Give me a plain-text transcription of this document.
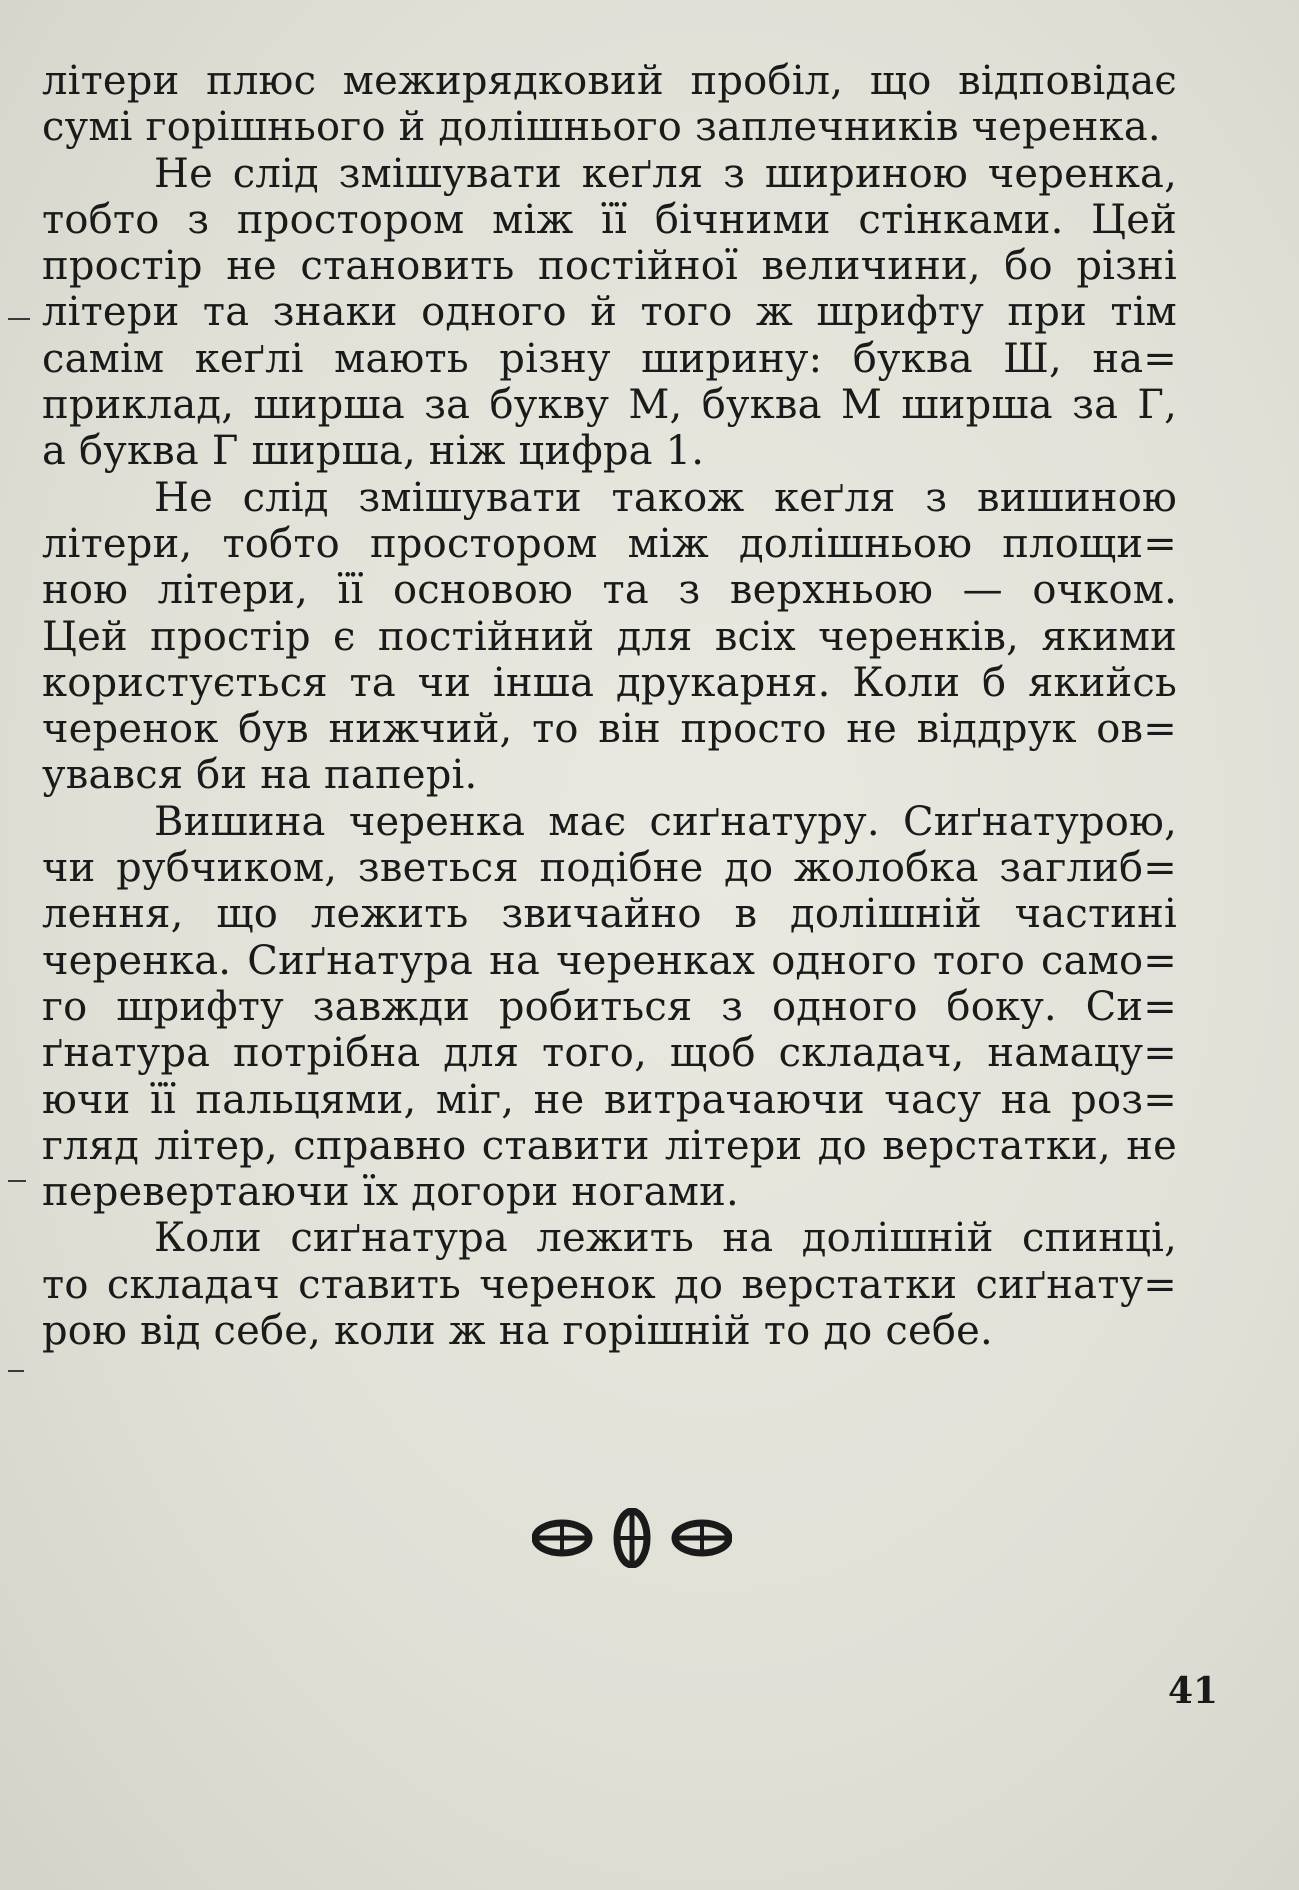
літери плюс межирядковий пробіл, що відповідає
сумі горішнього й долішнього заплечників черенка.
Не слід змішувати кеґля з шириною черенка,
тобто з простором між її бічними стінками. Цей
простір не становить постійної величини, бо різні
літери та знаки одного й того ж шрифту при тім
самім кеґлі мають різну ширину: буква Ш, на=
приклад, ширша за букву М, буква М ширша за Г,
а буква Г ширша, ніж цифра 1.
Не слід змішувати також кеґля з вишиною
літери, тобто простором між долішньою площи=
ною літери, її основою та з верхньою — очком.
Цей простір є постійний для всіх черенків, якими
користується та чи інша друкарня. Коли б якийсь
черенок був нижчий, то він просто не віддрук ов=
увався би на папері.
Вишина черенка має сиґнатуру. Сиґнатурою,
чи рубчиком, зветься подібне до жолобка заглиб=
лення, що лежить звичайно в долішній частині
черенка. Сиґнатура на черенках одного того само=
го шрифту завжди робиться з одного боку. Си=
ґнатура потрібна для того, щоб складач, намацу=
ючи її пальцями, міг, не витрачаючи часу на роз=
гляд літер, справно ставити літери до верстатки, не
перевертаючи їх догори ногами.
Коли сиґнатура лежить на долішній спинці,
то складач ставить черенок до верстатки сиґнату=
рою від себе, коли ж на горішній то до себе.
41
